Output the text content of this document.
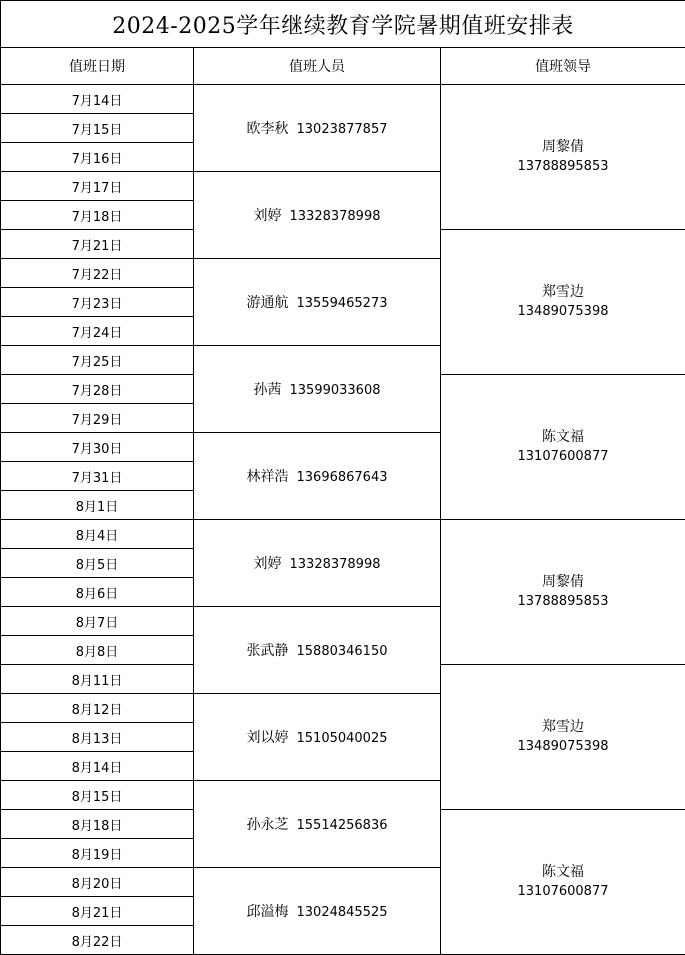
2024-2025学年继续教育学院暑期值班安排表		
值班日期	值班人员	值班领导
7月14日	欧李秋 13023877857	周黎倩
13788895853

7月15日		
7月16日		
7月17日	刘婷 13328378998	
7月18日		
7月21日		郑雪边
13489075398

7月22日	游通航 13559465273	
7月23日		
7月24日		
7月25日	孙茜 13599033608	
7月28日		陈文福
13107600877

7月29日		
7月30日	林祥浩 13696867643	
7月31日		
8月1日		
8月4日	刘婷 13328378998	周黎倩
13788895853

8月5日		
8月6日		
8月7日	张武静 15880346150	
8月8日		
8月11日		郑雪边
13489075398

8月12日	刘以婷 15105040025	
8月13日		
8月14日		
8月15日	孙永芝 15514256836	
8月18日		陈文福
13107600877

8月19日		
8月20日	邱溢梅 13024845525	
8月21日		
8月22日		
